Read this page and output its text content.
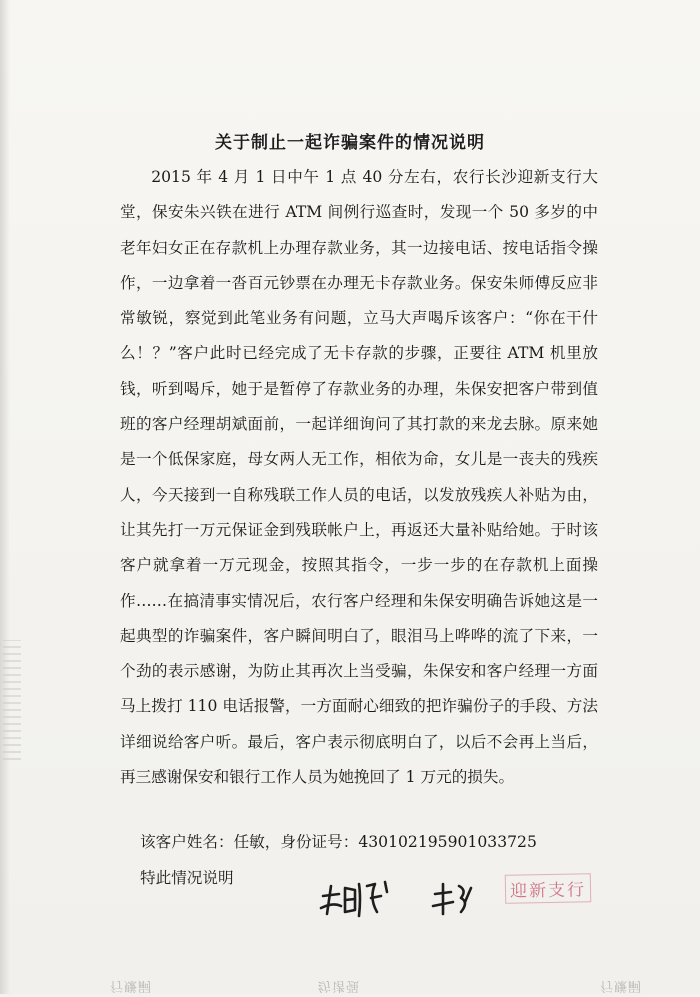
关于制止一起诈骗案件的情况说明

2015 年 4 月 1 日中午 1 点 40 分左右，农行长沙迎新支行大堂，保安朱兴铁在进行 ATM 间例行巡查时，发现一个 50 多岁的中老年妇女正在存款机上办理存款业务，其一边接电话、按电话指令操作，一边拿着一沓百元钞票在办理无卡存款业务。保安朱师傅反应非常敏锐，察觉到此笔业务有问题，立马大声喝斥该客户：“你在干什么！？”客户此时已经完成了无卡存款的步骤，正要往 ATM 机里放钱，听到喝斥，她于是暂停了存款业务的办理，朱保安把客户带到值班的客户经理胡斌面前，一起详细询问了其打款的来龙去脉。原来她是一个低保家庭，母女两人无工作，相依为命，女儿是一丧夫的残疾人，今天接到一自称残联工作人员的电话，以发放残疾人补贴为由，让其先打一万元保证金到残联帐户上，再返还大量补贴给她。于时该客户就拿着一万元现金，按照其指令，一步一步的在存款机上面操作……在搞清事实情况后，农行客户经理和朱保安明确告诉她这是一起典型的诈骗案件，客户瞬间明白了，眼泪马上哗哗的流了下来，一个劲的表示感谢，为防止其再次上当受骗，朱保安和客户经理一方面马上拨打 110 电话报警，一方面耐心细致的把诈骗份子的手段、方法详细说给客户听。最后，客户表示彻底明白了，以后不会再上当后，再三感谢保安和银行工作人员为她挽回了 1 万元的损失。

该客户姓名：任敏，身份证号：430102195901033725
特此情况说明
迎新支行
行赚嗣	纺诸强	行赚嗣
